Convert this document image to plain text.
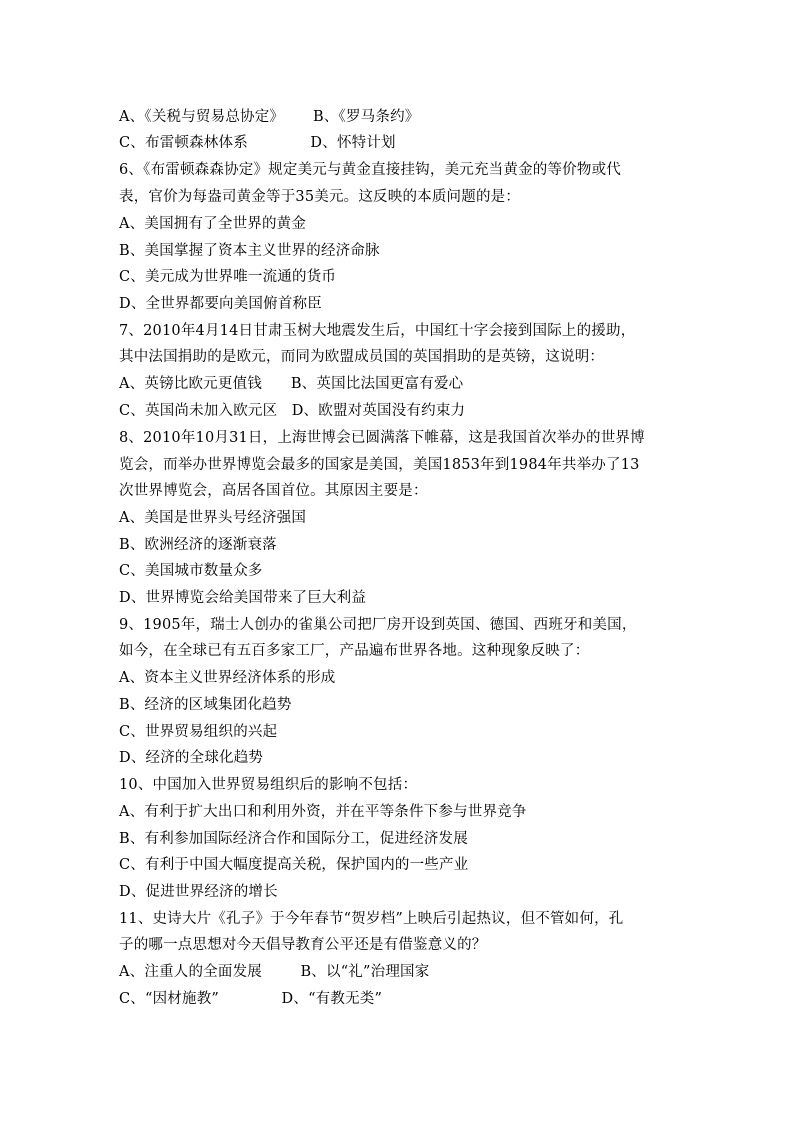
A、《关税与贸易总协定》      B、《罗马条约》
C、布雷顿森林体系             D、怀特计划
6、《布雷顿森森协定》规定美元与黄金直接挂钩，美元充当黄金的等价物或代
表，官价为每盎司黄金等于35美元。这反映的本质问题的是：
A、美国拥有了全世界的黄金
B、美国掌握了资本主义世界的经济命脉
C、美元成为世界唯一流通的货币
D、全世界都要向美国俯首称臣
7、2010年4月14日甘肃玉树大地震发生后，中国红十字会接到国际上的援助，
其中法国捐助的是欧元，而同为欧盟成员国的英国捐助的是英镑，这说明：
A、英镑比欧元更值钱      B、英国比法国更富有爱心
C、英国尚未加入欧元区   D、欧盟对英国没有约束力
8、2010年10月31日，上海世博会已圆满落下帷幕，这是我国首次举办的世界博
览会，而举办世界博览会最多的国家是美国，美国1853年到1984年共举办了13
次世界博览会，高居各国首位。其原因主要是：
A、美国是世界头号经济强国
B、欧洲经济的逐渐衰落
C、美国城市数量众多
D、世界博览会给美国带来了巨大利益
9、1905年，瑞士人创办的雀巢公司把厂房开设到英国、德国、西班牙和美国，
如今，在全球已有五百多家工厂，产品遍布世界各地。这种现象反映了：
A、资本主义世界经济体系的形成
B、经济的区域集团化趋势
C、世界贸易组织的兴起
D、经济的全球化趋势
10、中国加入世界贸易组织后的影响不包括：
A、有利于扩大出口和利用外资，并在平等条件下参与世界竞争
B、有利参加国际经济合作和国际分工，促进经济发展
C、有利于中国大幅度提高关税，保护国内的一些产业
D、促进世界经济的增长
11、史诗大片《孔子》于今年春节“贺岁档”上映后引起热议，但不管如何，孔
子的哪一点思想对今天倡导教育公平还是有借鉴意义的？
A、注重人的全面发展        B、以“礼”治理国家
C、“因材施教”             D、“有教无类”
